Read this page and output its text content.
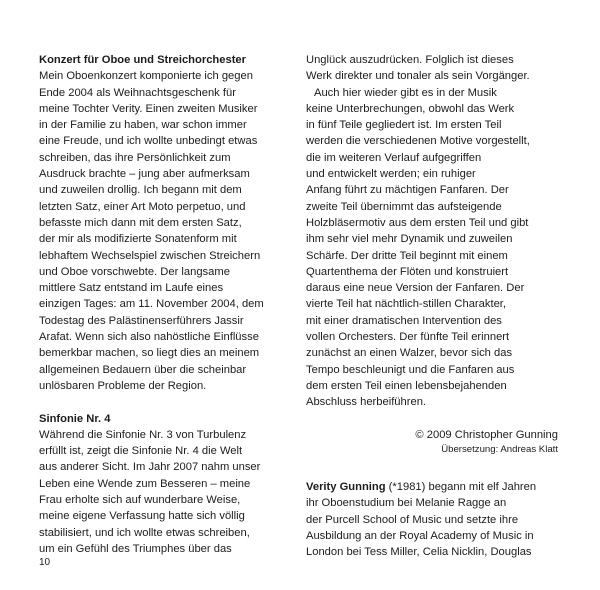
Konzert für Oboe und Streichorchester
Mein Oboenkonzert komponierte ich gegen
Ende 2004 als Weihnachtsgeschenk für
meine Tochter Verity. Einen zweiten Musiker
in der Familie zu haben, war schon immer
eine Freude, und ich wollte unbedingt etwas
schreiben, das ihre Persönlichkeit zum
Ausdruck brachte – jung aber aufmerksam
und zuweilen drollig. Ich begann mit dem
letzten Satz, einer Art Moto perpetuo, und
befasste mich dann mit dem ersten Satz,
der mir als modifizierte Sonatenform mit
lebhaftem Wechselspiel zwischen Streichern
und Oboe vorschwebte. Der langsame
mittlere Satz entstand im Laufe eines
einzigen Tages: am 11. November 2004, dem
Todestag des Palästinenserführers Jassir
Arafat. Wenn sich also nahöstliche Einflüsse
bemerkbar machen, so liegt dies an meinem
allgemeinen Bedauern über die scheinbar
unlösbaren Probleme der Region.
Sinfonie Nr. 4
Während die Sinfonie Nr. 3 von Turbulenz
erfüllt ist, zeigt die Sinfonie Nr. 4 die Welt
aus anderer Sicht. Im Jahr 2007 nahm unser
Leben eine Wende zum Besseren – meine
Frau erholte sich auf wunderbare Weise,
meine eigene Verfassung hatte sich völlig
stabilisiert, und ich wollte etwas schreiben,
um ein Gefühl des Triumphes über das
Unglück auszudrücken. Folglich ist dieses
Werk direkter und tonaler als sein Vorgänger.
Auch hier wieder gibt es in der Musik
keine Unterbrechungen, obwohl das Werk
in fünf Teile gegliedert ist. Im ersten Teil
werden die verschiedenen Motive vorgestellt,
die im weiteren Verlauf aufgegriffen
und entwickelt werden; ein ruhiger
Anfang führt zu mächtigen Fanfaren. Der
zweite Teil übernimmt das aufsteigende
Holzbläsermotiv aus dem ersten Teil und gibt
ihm sehr viel mehr Dynamik und zuweilen
Schärfe. Der dritte Teil beginnt mit einem
Quartenthema der Flöten und konstruiert
daraus eine neue Version der Fanfaren. Der
vierte Teil hat nächtlich-stillen Charakter,
mit einer dramatischen Intervention des
vollen Orchesters. Der fünfte Teil erinnert
zunächst an einen Walzer, bevor sich das
Tempo beschleunigt und die Fanfaren aus
dem ersten Teil einen lebensbejahenden
Abschluss herbeiführen.
© 2009 Christopher Gunning
Übersetzung: Andreas Klatt
Verity Gunning (*1981) begann mit elf Jahren
ihr Oboenstudium bei Melanie Ragge an
der Purcell School of Music und setzte ihre
Ausbildung an der Royal Academy of Music in
London bei Tess Miller, Celia Nicklin, Douglas
10
